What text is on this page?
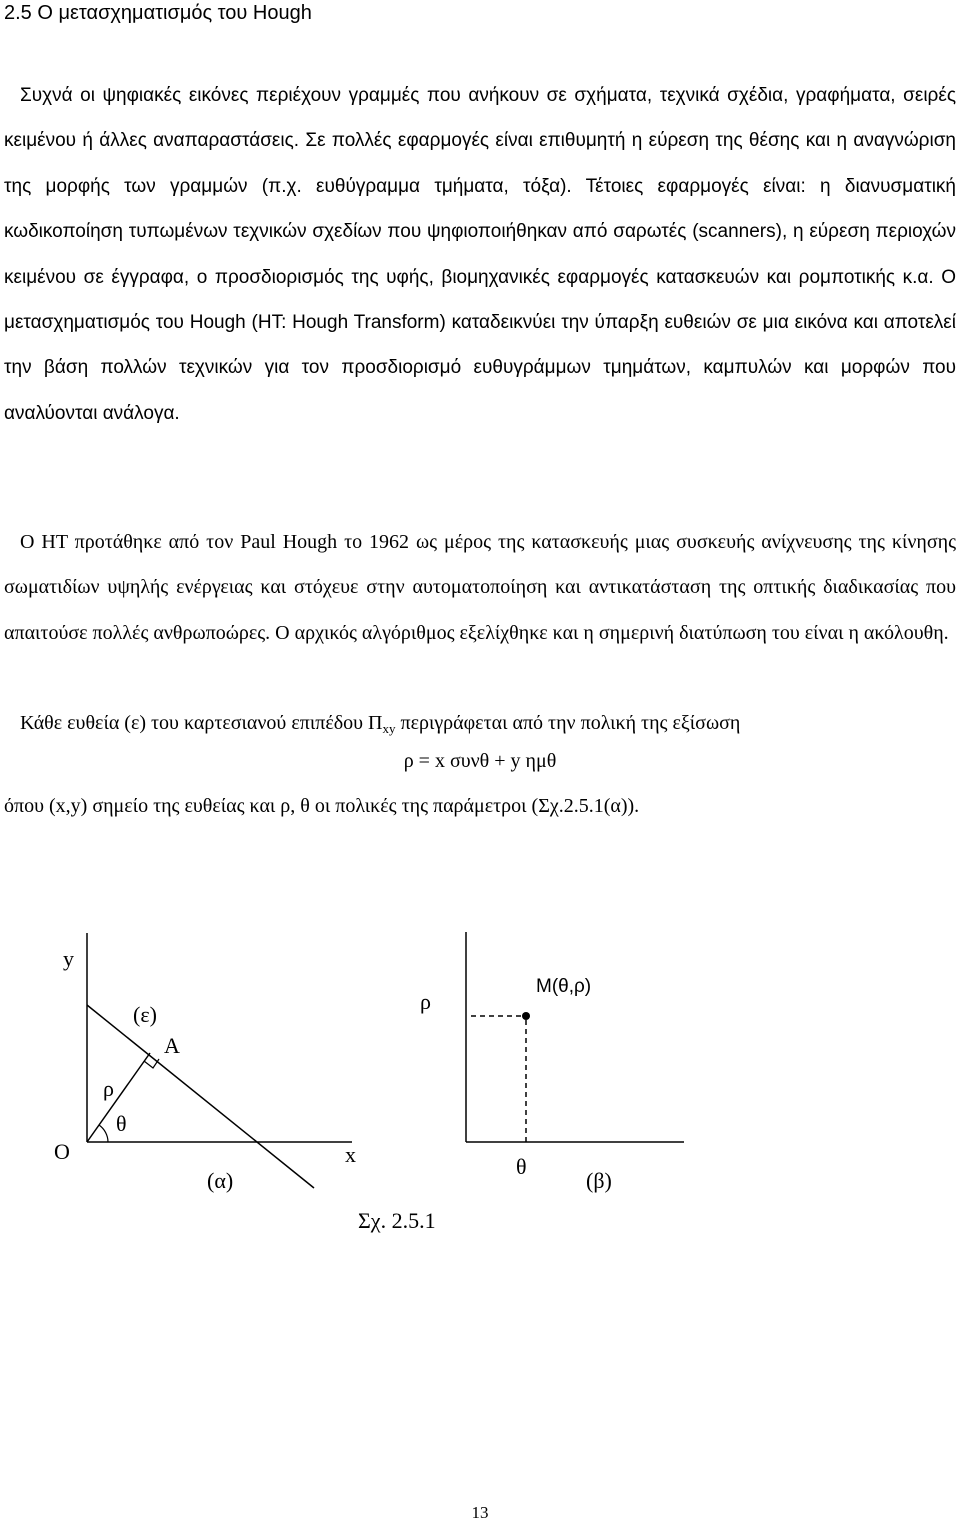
2.5 Ο μετασχηματισμός του Hough

Συχνά οι ψηφιακές εικόνες περιέχουν γραμμές που ανήκουν σε σχήματα, τεχνικά σχέδια, γραφήματα, σειρές κειμένου ή άλλες αναπαραστάσεις. Σε πολλές εφαρμογές είναι επιθυμητή η εύρεση της θέσης και η αναγνώριση της μορφής των γραμμών (π.χ. ευθύγραμμα τμήματα, τόξα). Τέτοιες εφαρμογές είναι: η διανυσματική κωδικοποίηση τυπωμένων τεχνικών σχεδίων που ψηφιοποιήθηκαν από σαρωτές (scanners), η εύρεση περιοχών κειμένου σε έγγραφα, ο προσδιορισμός της υφής, βιομηχανικές εφαρμογές κατασκευών και ρομποτικής κ.α. Ο μετασχηματισμός του Hough (HT: Hough Transform) καταδεικνύει την ύπαρξη ευθειών σε μια εικόνα και αποτελεί την βάση πολλών τεχνικών για τον προσδιορισμό ευθυγράμμων τμημάτων, καμπυλών και μορφών που αναλύονται ανάλογα.

Ο HT προτάθηκε από τον Paul Hough το 1962 ως μέρος της κατασκευής μιας συσκευής ανίχνευσης της κίνησης σωματιδίων υψηλής ενέργειας και στόχευε στην αυτοματοποίηση και αντικατάσταση της οπτικής διαδικασίας που απαιτούσε πολλές ανθρωποώρες. Ο αρχικός αλγόριθμος εξελίχθηκε και η σημερινή διατύπωση του είναι η ακόλουθη.

Κάθε ευθεία (ε) του καρτεσιανού επιπέδου $\Pi_{xy}$ περιγράφεται από την πολική της εξίσωση

ρ = x συνθ + y ημθ

όπου (x,y) σημείο της ευθείας και ρ, θ οι πολικές της παράμετροι (Σχ.2.5.1(α)).

y
(ε)
A
ρ
θ
O	x
(α)
ρ
M(θ,ρ)
θ
(β)
Σχ. 2.5.1
13
